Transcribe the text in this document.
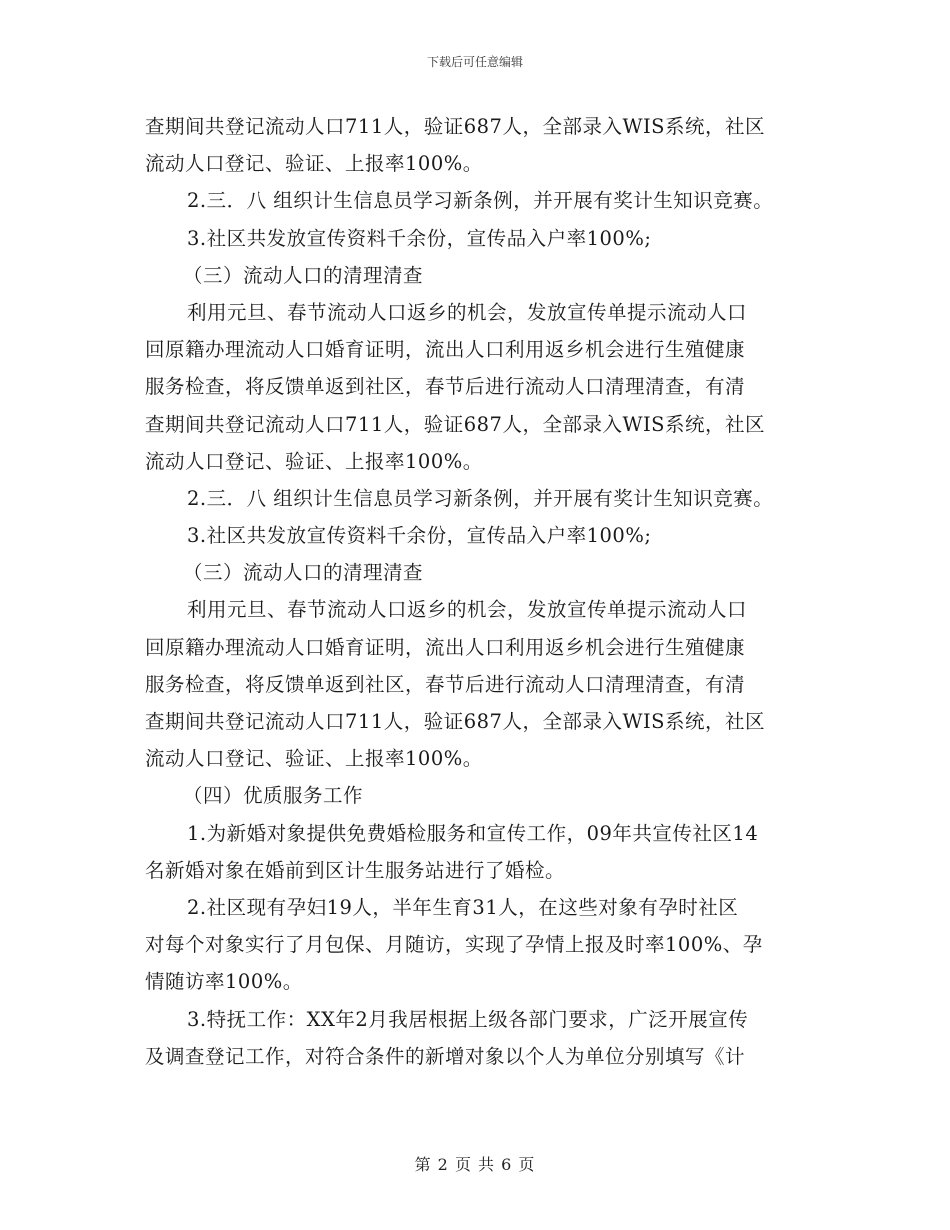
下载后可任意编辑
查期间共登记流动人口711人，验证687人，全部录入WIS系统，社区
流动人口登记、验证、上报率100%。
2.三．八 组织计生信息员学习新条例，并开展有奖计生知识竞赛。
3.社区共发放宣传资料千余份，宣传品入户率100%;
（三）流动人口的清理清查
利用元旦、春节流动人口返乡的机会，发放宣传单提示流动人口
回原籍办理流动人口婚育证明，流出人口利用返乡机会进行生殖健康
服务检查，将反馈单返到社区，春节后进行流动人口清理清查，有清
查期间共登记流动人口711人，验证687人，全部录入WIS系统，社区
流动人口登记、验证、上报率100%。
2.三．八 组织计生信息员学习新条例，并开展有奖计生知识竞赛。
3.社区共发放宣传资料千余份，宣传品入户率100%;
（三）流动人口的清理清查
利用元旦、春节流动人口返乡的机会，发放宣传单提示流动人口
回原籍办理流动人口婚育证明，流出人口利用返乡机会进行生殖健康
服务检查，将反馈单返到社区，春节后进行流动人口清理清查，有清
查期间共登记流动人口711人，验证687人，全部录入WIS系统，社区
流动人口登记、验证、上报率100%。
（四）优质服务工作
1.为新婚对象提供免费婚检服务和宣传工作，09年共宣传社区14
名新婚对象在婚前到区计生服务站进行了婚检。
2.社区现有孕妇19人，半年生育31人，在这些对象有孕时社区
对每个对象实行了月包保、月随访，实现了孕情上报及时率100%、孕
情随访率100%。
3.特抚工作：XX年2月我居根据上级各部门要求，广泛开展宣传
及调查登记工作，对符合条件的新增对象以个人为单位分别填写《计
第 2 页 共 6 页
